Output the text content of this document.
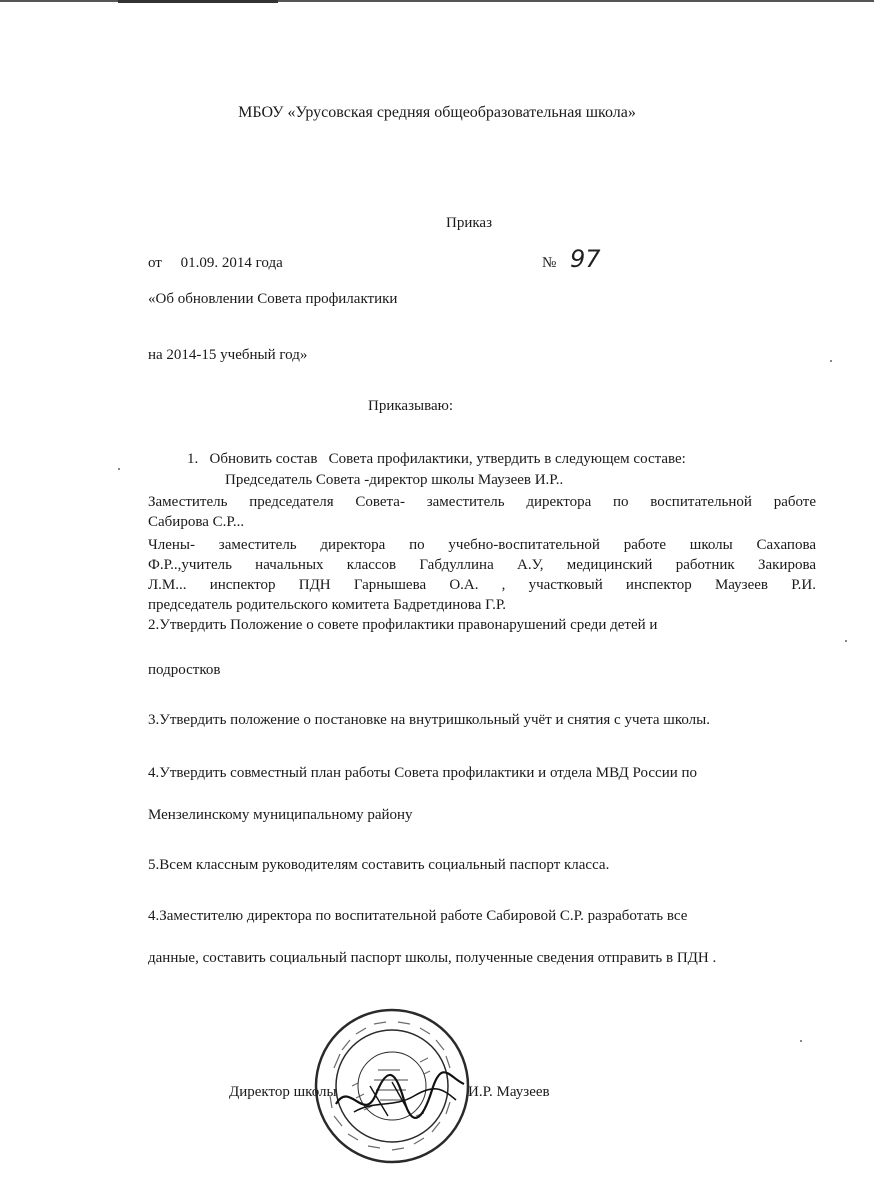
МБОУ «Урусовская средняя общеобразовательная школа»
Приказ
от     01.09. 2014 года	№ 97
«Об обновлении Совета профилактики
на 2014-15 учебный год»
Приказываю:
1.   Обновить состав   Совета профилактики, утвердить в следующем составе:
Председатель Совета -директор школы Маузеев И.Р..
Заместитель председателя Совета- заместитель директора по воспитательной работе
Сабирова С.Р...
Члены- заместитель директора по учебно-воспитательной работе школы Сахапова
Ф.Р..,учитель начальных классов Габдуллина А.У, медицинский работник Закирова
Л.М... инспектор ПДН Гарнышева О.А. , участковый инспектор Маузеев Р.И.
председатель родительского комитета Бадретдинова Г.Р.
2.Утвердить Положение о совете профилактики правонарушений среди детей и
подростков
3.Утвердить положение о постановке на внутришкольный учёт и снятия с учета школы.
4.Утвердить совместный план работы Совета профилактики и отдела МВД России по
Мензелинскому муниципальному району
5.Всем классным руководителям составить социальный паспорт класса.
4.Заместителю директора по воспитательной работе Сабировой С.Р. разработать все
данные, составить социальный паспорт школы, полученные сведения отправить в ПДН .
Директор школы	И.Р. Маузеев
